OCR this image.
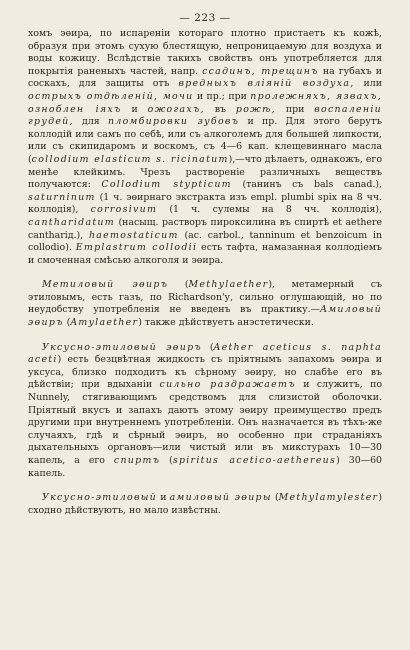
— 223 —

хомъ эөира, по испареніи котораго плотно пристаетъ къ кожѣ, образуя при этомъ сухую блестящую, непроницаемую для воздуха и воды кожицу. Вслѣдствіе такихъ свойствъ онъ употребляется для покрытія раненыхъ частей, напр. ссадинъ, трещинъ на губахъ и сoскахъ, для защиты отъ вредныхъ вліяній воздуха, или острыхъ отдѣленій, мочи и пр.; при пролежняхъ, язвахъ, озноблен іяхъ и ожогахъ, въ рожѣ, при воспаленіи грудей, для пломбировки зубовъ и пр. Для этого берутъ коллодій или самъ по себѣ, или съ алкоголемъ для большей липкости, или съ скипидаромъ и воскомъ, съ 4—6 кап. клещевиннаго масла (collodium elasticum s. ricinatum),—что дѣлаетъ, однакожъ, его менѣе клейкимъ. Чрезъ раствореніе различныхъ веществъ получаются: Collodium stypticum (танинъ съ bals canad.), saturninum (1 ч. эөирнаго экстракта изъ empl. plumbi spix на 8 чч. коллодія), corrosivum (1 ч. сулемы на 8 чч. коллодія), cantharidatum (насыщ. растворъ пироксилина въ спиртѣ et aethere canthariд.), haemostaticum (ac. carbol., tanninum et benzoicum in collodio). Emplastrum collodii есть тафта, намазанная коллодіемъ и смоченная смѣсью алкоголя и эөира.

Метиловый эөиръ (Methylaether), метамерный съ этиловымъ, есть газъ, по Richardson'у, сильно оглушающій, но по неудобству употребленія не введенъ въ практику.—Амиловый эөиръ (Amylaether) также дѣйствуетъ анэстетически.

Уксусно-этиловый эөиръ (Aether aceticus s. naphta aceti) есть безцвѣтная жидкость съ пріятнымъ запахомъ эөира и уксуса, близко подходитъ къ сѣрному эөиру, но слабѣе его въ дѣйствіи; при вдыханіи сильно раздражаетъ и служитъ, по Nunnely, стягивающимъ средствомъ для слизистой оболочки. Пріятный вкусъ и запахъ даютъ этому эөиру преимущество предъ другими при внутреннемъ употребленіи. Онъ назначается въ тѣхъ-же случаяхъ, гдѣ и сѣрный эөиръ, но особенно при страданіяхъ дыхательныхъ органовъ—или чистый или въ микстурахъ 10—30 капель, а его спиртъ (spiritus acetico-aethereus) 30—60 капель.

Уксусно-этиловый и амиловый эөиры (Methylamylester) сходно дѣйствуютъ, но мало извѣстны.
